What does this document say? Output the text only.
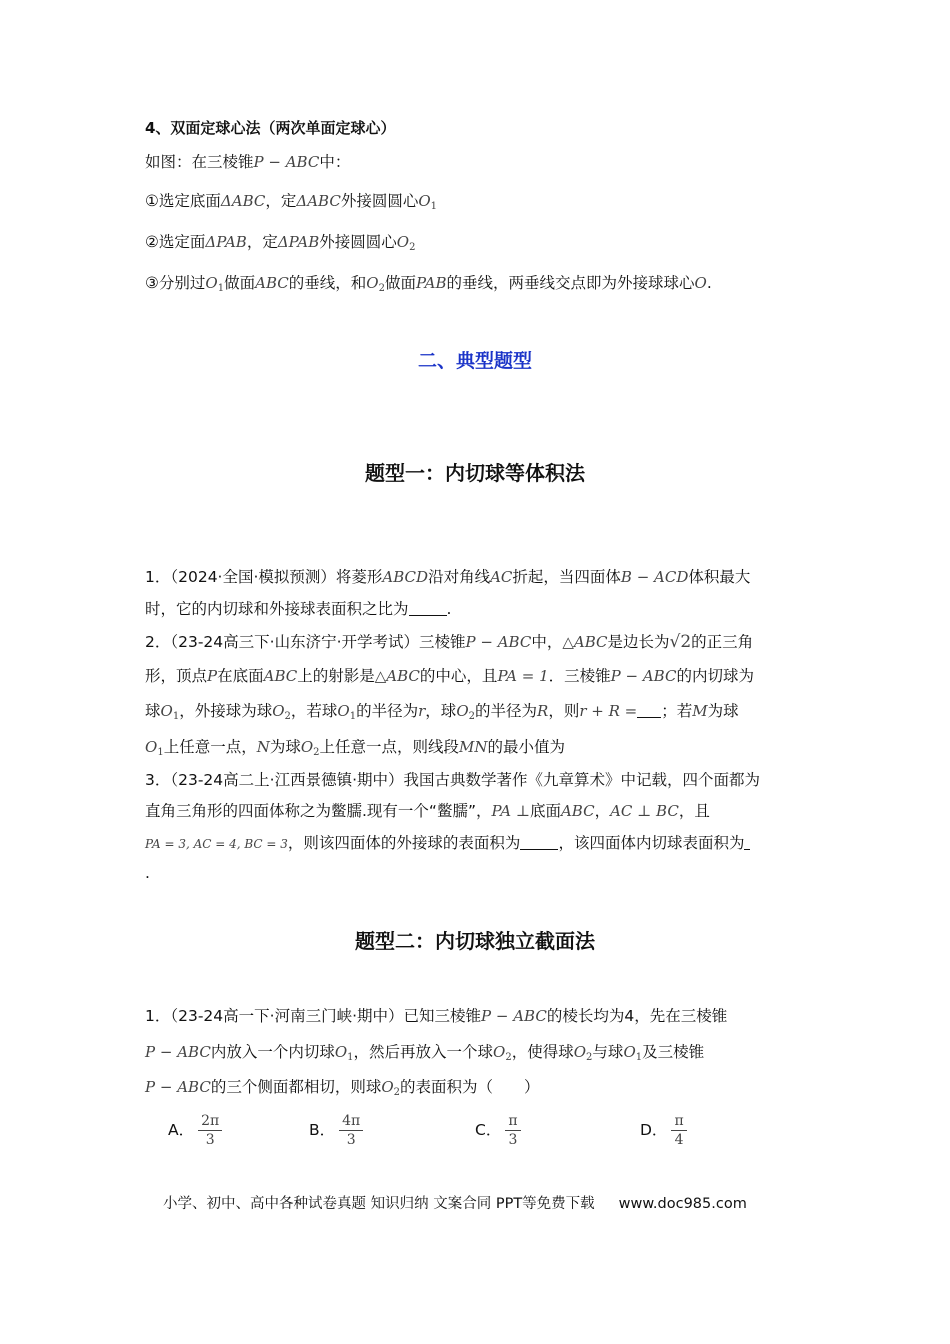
4、双面定球心法（两次单面定球心）
如图：在三棱锥P − ABC中：
①选定底面ΔABC，定ΔABC外接圆圆心$O_1$
②选定面ΔPAB，定ΔPAB外接圆圆心$O_2$
③分别过$O_1$做面ABC的垂线，和$O_2$做面PAB的垂线，两垂线交点即为外接球球心O.
二、典型题型
题型一：内切球等体积法
1．（2024·全国·模拟预测）将菱形ABCD沿对角线AC折起，当四面体B − ACD体积最大
时，它的内切球和外接球表面积之比为 .
2．（23-24高三下·山东济宁·开学考试）三棱锥P − ABC中，△ABC是边长为√2的正三角
形，顶点P在底面ABC上的射影是△ABC的中心，且PA = 1．三棱锥P − ABC的内切球为
球$O_1$，外接球为球$O_2$，若球$O_1$的半径为r，球$O_2$的半径为R，则r + R = ；若M为球
$O_1$上任意一点，N为球$O_2$上任意一点，则线段MN的最小值为
3．（23-24高二上·江西景德镇·期中）我国古典数学著作《九章算术》中记载，四个面都为
直角三角形的四面体称之为鳖臑.现有一个“鳖臑”，PA ⊥底面ABC，AC ⊥ BC，且
PA = 3, AC = 4, BC = 3，则该四面体的外接球的表面积为 ，该四面体内切球表面积为
.
题型二：内切球独立截面法
1．（23-24高一下·河南三门峡·期中）已知三棱锥P − ABC的棱长均为4，先在三棱锥
P − ABC内放入一个内切球$O_1$，然后再放入一个球$O_2$，使得球$O_2$与球$O_1$及三棱锥
P − ABC的三个侧面都相切，则球$O_2$的表面积为（　　）
A． $\frac{2\pi}{3}$	B． $\frac{4\pi}{3}$	C． $\frac{\pi}{3}$	D． $\frac{\pi}{4}$
小学、初中、高中各种试卷真题 知识归纳 文案合同 PPT等免费下载 www.doc985.com
